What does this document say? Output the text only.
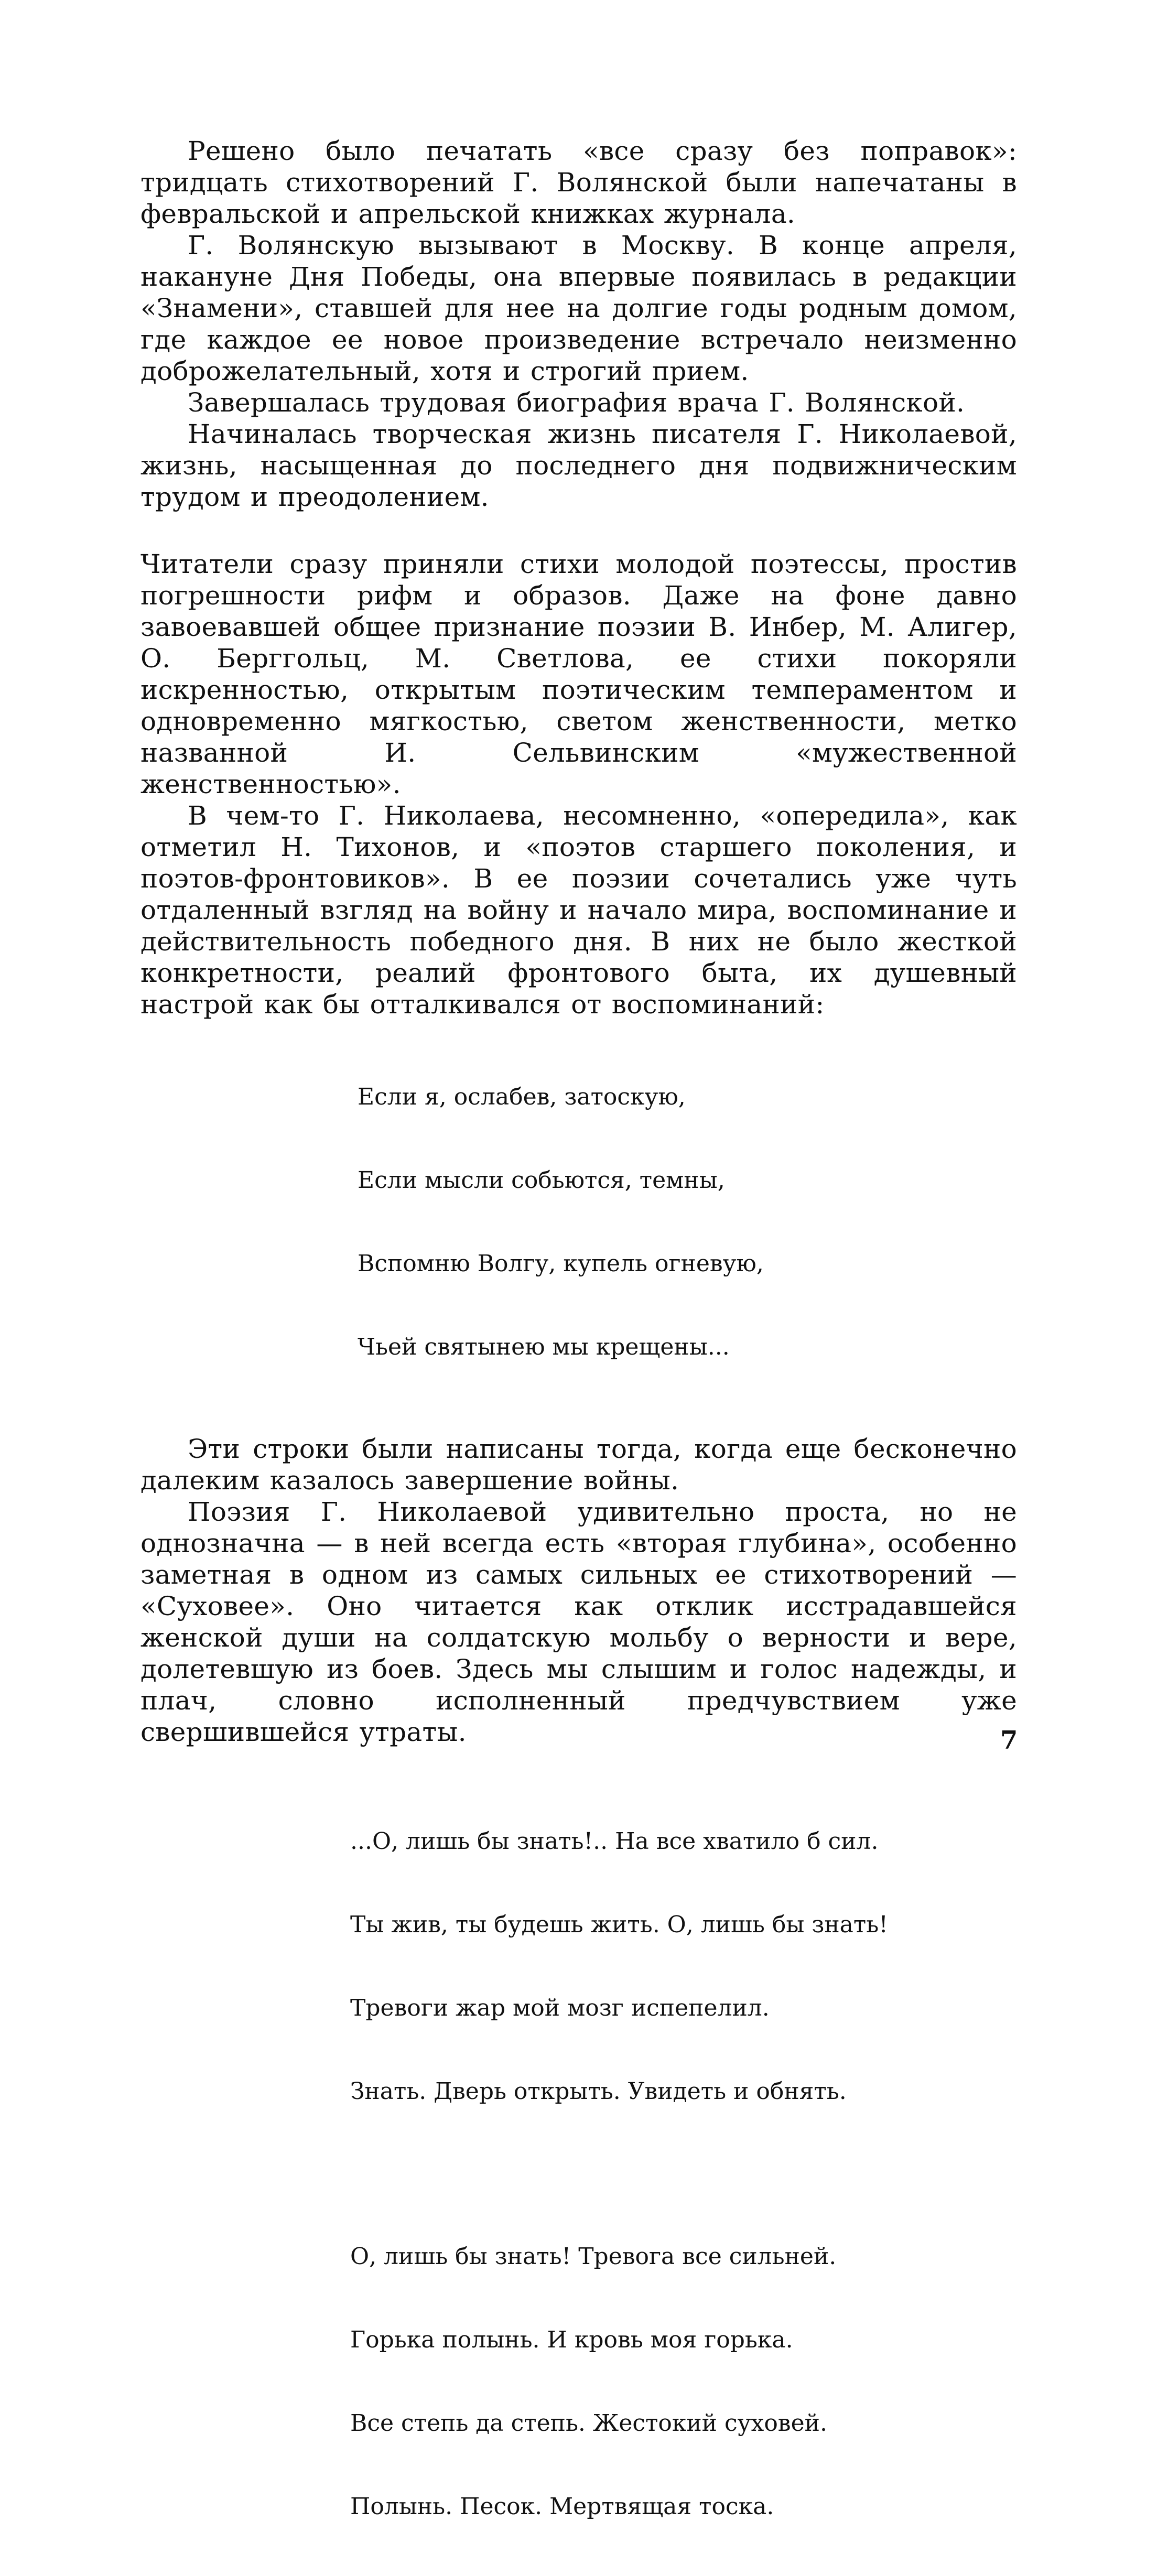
Решено было печатать «все сразу без поправок»: тридцать стихотворений Г. Волянской были напечатаны в февральской и апрельской книжках журнала.

Г. Волянскую вызывают в Москву. В конце апреля, накануне Дня Победы, она впервые появилась в редакции «Знамени», ставшей для нее на долгие годы родным домом, где каждое ее новое произведение встречало неизменно доброжелательный, хотя и строгий прием.

Завершалась трудовая биография врача Г. Волянской.

Начиналась творческая жизнь писателя Г. Николаевой, жизнь, насыщенная до последнего дня подвижническим трудом и преодолением.

Читатели сразу приняли стихи молодой поэтессы, простив погрешности рифм и образов. Даже на фоне давно завоевавшей общее признание поэзии В. Инбер, М. Алигер, О. Берггольц, М. Светлова, ее стихи покоряли искренностью, открытым поэтическим темпераментом и одновременно мягкостью, светом женственности, метко названной И. Сельвинским «мужественной женственностью».

В чем-то Г. Николаева, несомненно, «опередила», как отметил Н. Тихонов, и «поэтов старшего поколения, и поэтов-фронтовиков». В ее поэзии сочетались уже чуть отдаленный взгляд на войну и начало мира, воспоминание и действительность победного дня. В них не было жесткой конкретности, реалий фронтового быта, их душевный настрой как бы отталкивался от воспоминаний:

Если я, ослабев, затоскую,

Если мысли собьются, темны,

Вспомню Волгу, купель огневую,

Чьей святынею мы крещены...

Эти строки были написаны тогда, когда еще бесконечно далеким казалось завершение войны.

Поэзия Г. Николаевой удивительно проста, но не однозначна — в ней всегда есть «вторая глубина», особенно заметная в одном из самых сильных ее стихотворений — «Суховее». Оно читается как отклик исстрадавшейся женской души на солдатскую мольбу о верности и вере, долетевшую из боев. Здесь мы слышим и голос надежды, и плач, словно исполненный предчувствием уже свершившейся утраты.

...О, лишь бы знать!.. На все хватило б сил.

Ты жив, ты будешь жить. О, лишь бы знать!

Тревоги жар мой мозг испепелил.

Знать. Дверь открыть. Увидеть и обнять.

О, лишь бы знать! Тревога все сильней.

Горька полынь. И кровь моя горька.

Все степь да степь. Жестокий суховей.

Полынь. Песок. Мертвящая тоска.

7
